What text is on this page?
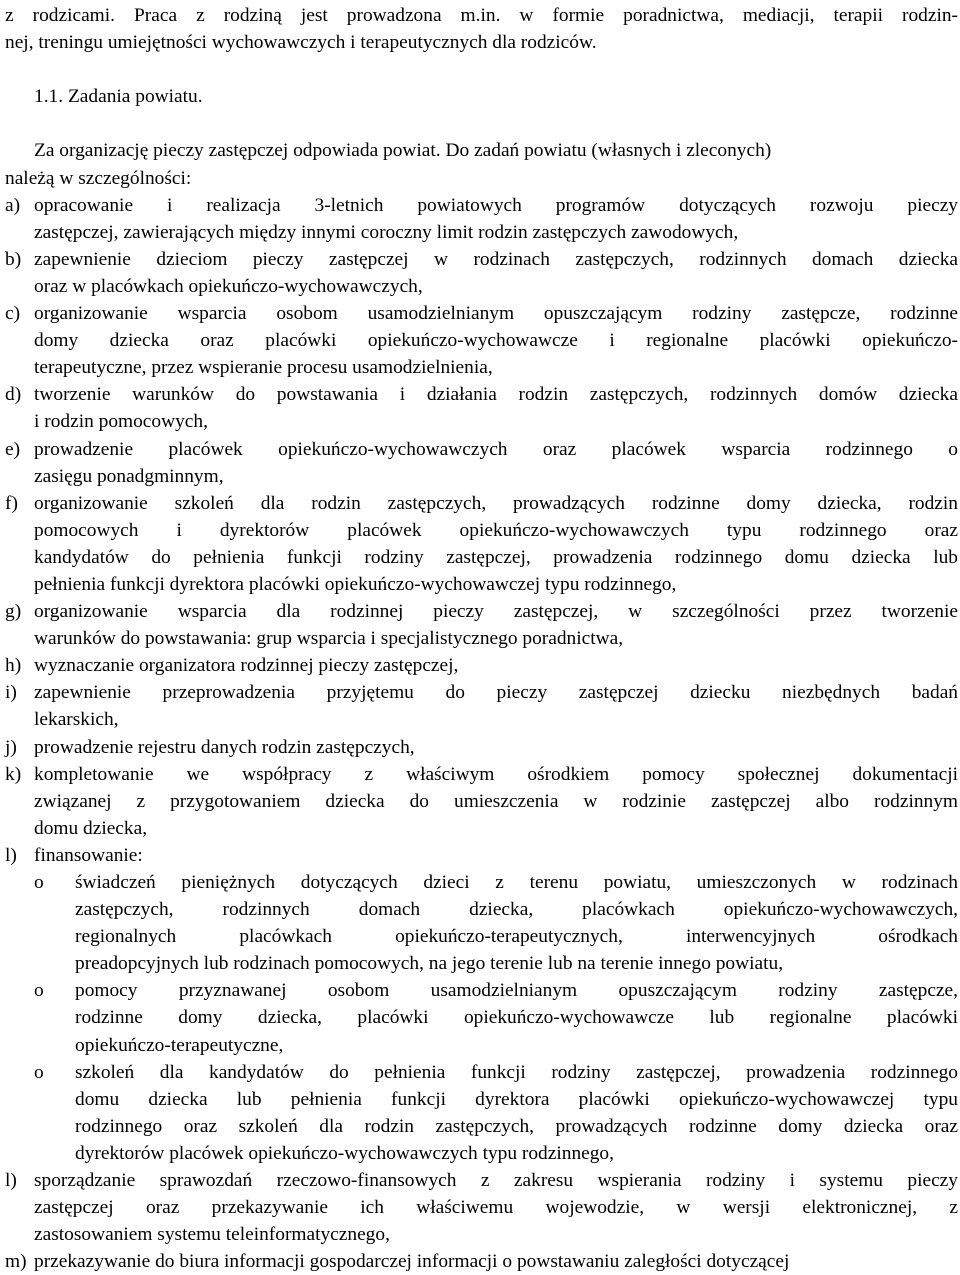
z rodzicami. Praca z rodziną jest prowadzona m.in. w formie poradnictwa, mediacji, terapii rodzin-
nej, treningu umiejętności wychowawczych i terapeutycznych dla rodziców.
1.1. Zadania powiatu.
Za organizację pieczy zastępczej odpowiada powiat. Do zadań powiatu (własnych i zleconych)
należą w szczególności:
a) opracowanie i realizacja 3-letnich powiatowych programów dotyczących rozwoju pieczy
zastępczej, zawierających między innymi coroczny limit rodzin zastępczych zawodowych,
b) zapewnienie dzieciom pieczy zastępczej w rodzinach zastępczych, rodzinnych domach dziecka
oraz w placówkach opiekuńczo-wychowawczych,
c) organizowanie wsparcia osobom usamodzielnianym opuszczającym rodziny zastępcze, rodzinne
domy dziecka oraz placówki opiekuńczo-wychowawcze i regionalne placówki opiekuńczo-
terapeutyczne, przez wspieranie procesu usamodzielnienia,
d) tworzenie warunków do powstawania i działania rodzin zastępczych, rodzinnych domów dziecka
i rodzin pomocowych,
e) prowadzenie placówek opiekuńczo-wychowawczych oraz placówek wsparcia rodzinnego o
zasięgu ponadgminnym,
f) organizowanie szkoleń dla rodzin zastępczych, prowadzących rodzinne domy dziecka, rodzin
pomocowych i dyrektorów placówek opiekuńczo-wychowawczych typu rodzinnego oraz
kandydatów do pełnienia funkcji rodziny zastępczej, prowadzenia rodzinnego domu dziecka lub
pełnienia funkcji dyrektora placówki opiekuńczo-wychowawczej typu rodzinnego,
g) organizowanie wsparcia dla rodzinnej pieczy zastępczej, w szczególności przez tworzenie
warunków do powstawania: grup wsparcia i specjalistycznego poradnictwa,
h) wyznaczanie organizatora rodzinnej pieczy zastępczej,
i) zapewnienie przeprowadzenia przyjętemu do pieczy zastępczej dziecku niezbędnych badań
lekarskich,
j) prowadzenie rejestru danych rodzin zastępczych,
k) kompletowanie we współpracy z właściwym ośrodkiem pomocy społecznej dokumentacji
związanej z przygotowaniem dziecka do umieszczenia w rodzinie zastępczej albo rodzinnym
domu dziecka,
l) finansowanie:
o świadczeń pieniężnych dotyczących dzieci z terenu powiatu, umieszczonych w rodzinach
zastępczych, rodzinnych domach dziecka, placówkach opiekuńczo-wychowawczych,
regionalnych placówkach opiekuńczo-terapeutycznych, interwencyjnych ośrodkach
preadopcyjnych lub rodzinach pomocowych, na jego terenie lub na terenie innego powiatu,
o pomocy przyznawanej osobom usamodzielnianym opuszczającym rodziny zastępcze,
rodzinne domy dziecka, placówki opiekuńczo-wychowawcze lub regionalne placówki
opiekuńczo-terapeutyczne,
o szkoleń dla kandydatów do pełnienia funkcji rodziny zastępczej, prowadzenia rodzinnego
domu dziecka lub pełnienia funkcji dyrektora placówki opiekuńczo-wychowawczej typu
rodzinnego oraz szkoleń dla rodzin zastępczych, prowadzących rodzinne domy dziecka oraz
dyrektorów placówek opiekuńczo-wychowawczych typu rodzinnego,
l) sporządzanie sprawozdań rzeczowo-finansowych z zakresu wspierania rodziny i systemu pieczy
zastępczej oraz przekazywanie ich właściwemu wojewodzie, w wersji elektronicznej, z
zastosowaniem systemu teleinformatycznego,
m) przekazywanie do biura informacji gospodarczej informacji o powstawaniu zaległości dotyczącej
